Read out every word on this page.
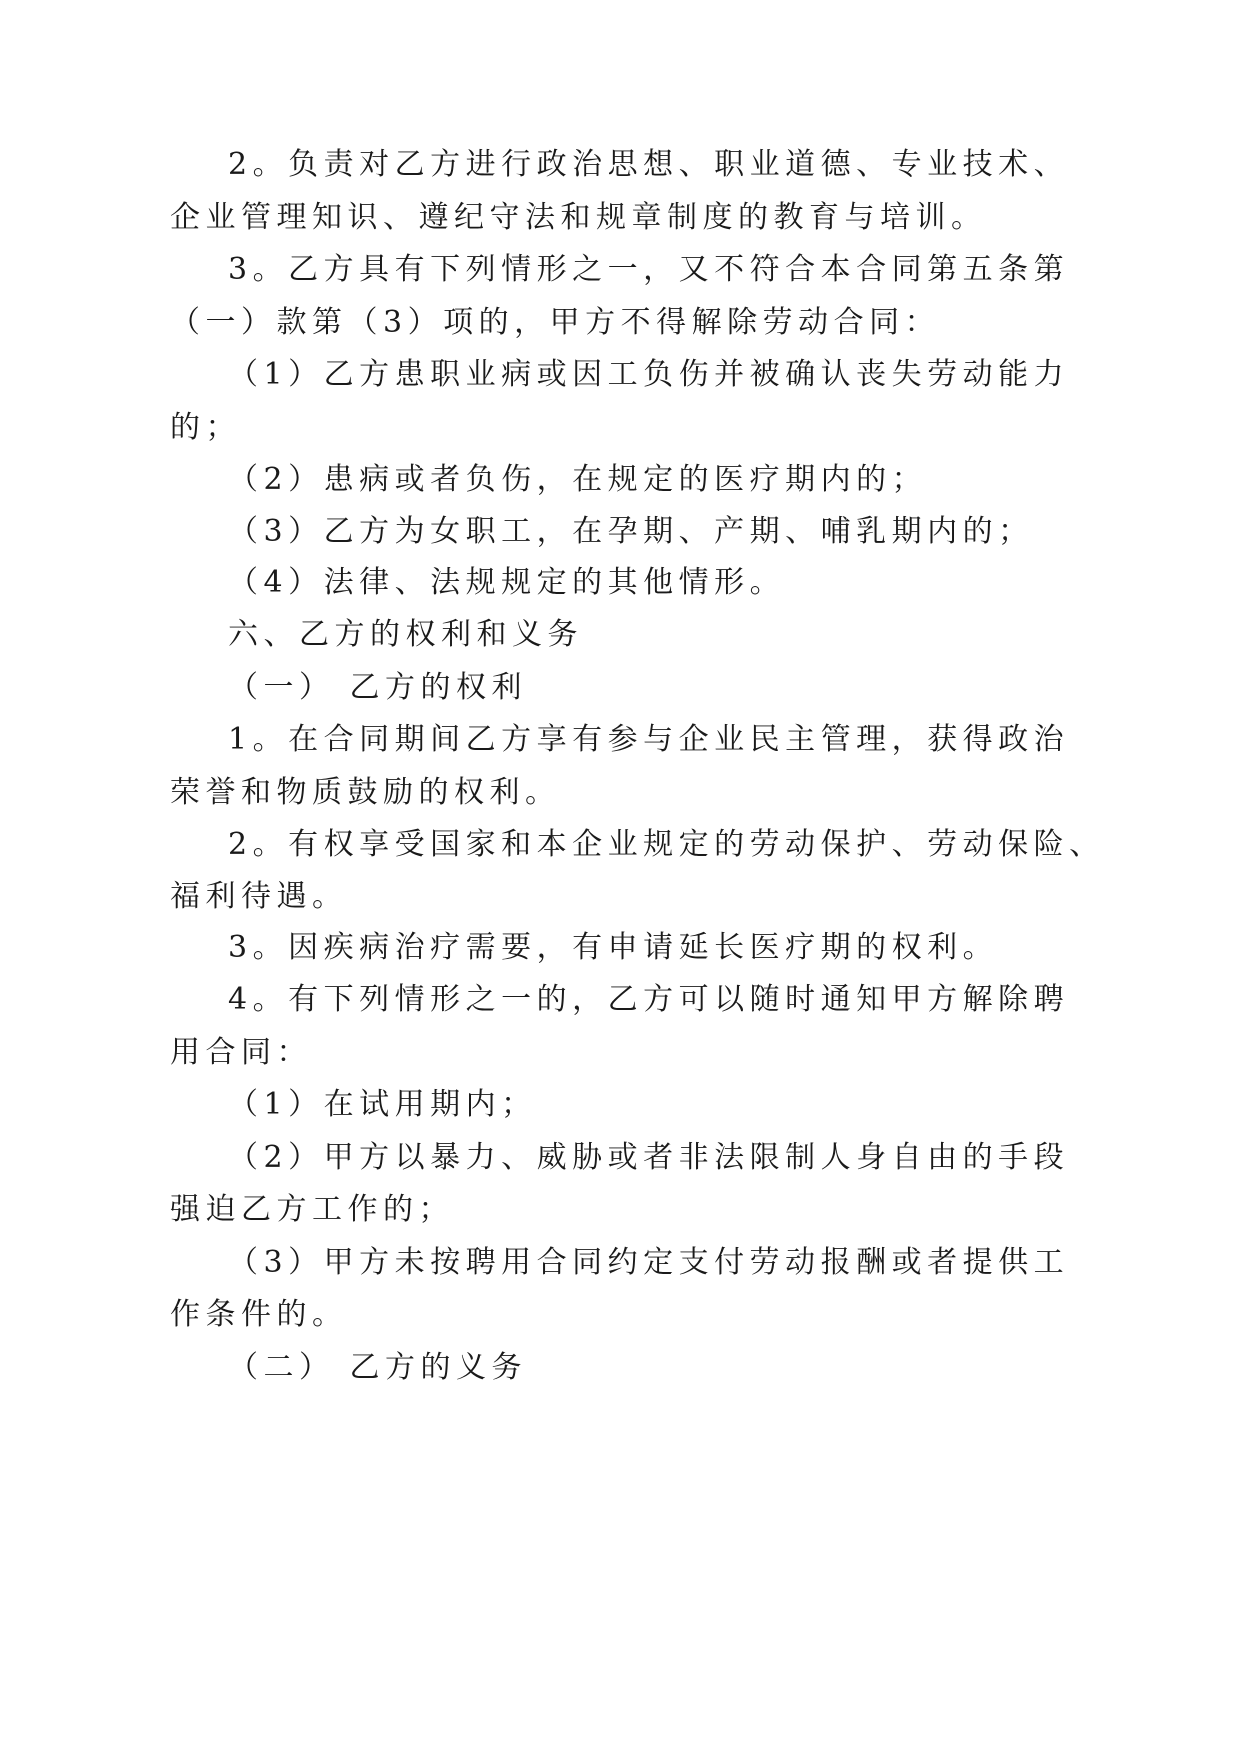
2。负责对乙方进行政治思想、职业道德、专业技术、

企业管理知识、遵纪守法和规章制度的教育与培训。

3。乙方具有下列情形之一，又不符合本合同第五条第

（一）款第（3）项的，甲方不得解除劳动合同：

（1）乙方患职业病或因工负伤并被确认丧失劳动能力

的；

（2）患病或者负伤，在规定的医疗期内的；

（3）乙方为女职工，在孕期、产期、哺乳期内的；

（4）法律、法规规定的其他情形。

六、乙方的权利和义务

（一） 乙方的权利

1。在合同期间乙方享有参与企业民主管理，获得政治

荣誉和物质鼓励的权利。

2。有权享受国家和本企业规定的劳动保护、劳动保险、

福利待遇。

3。因疾病治疗需要，有申请延长医疗期的权利。

4。有下列情形之一的，乙方可以随时通知甲方解除聘

用合同：

（1）在试用期内；

（2）甲方以暴力、威胁或者非法限制人身自由的手段

强迫乙方工作的；

（3）甲方未按聘用合同约定支付劳动报酬或者提供工

作条件的。

（二） 乙方的义务
